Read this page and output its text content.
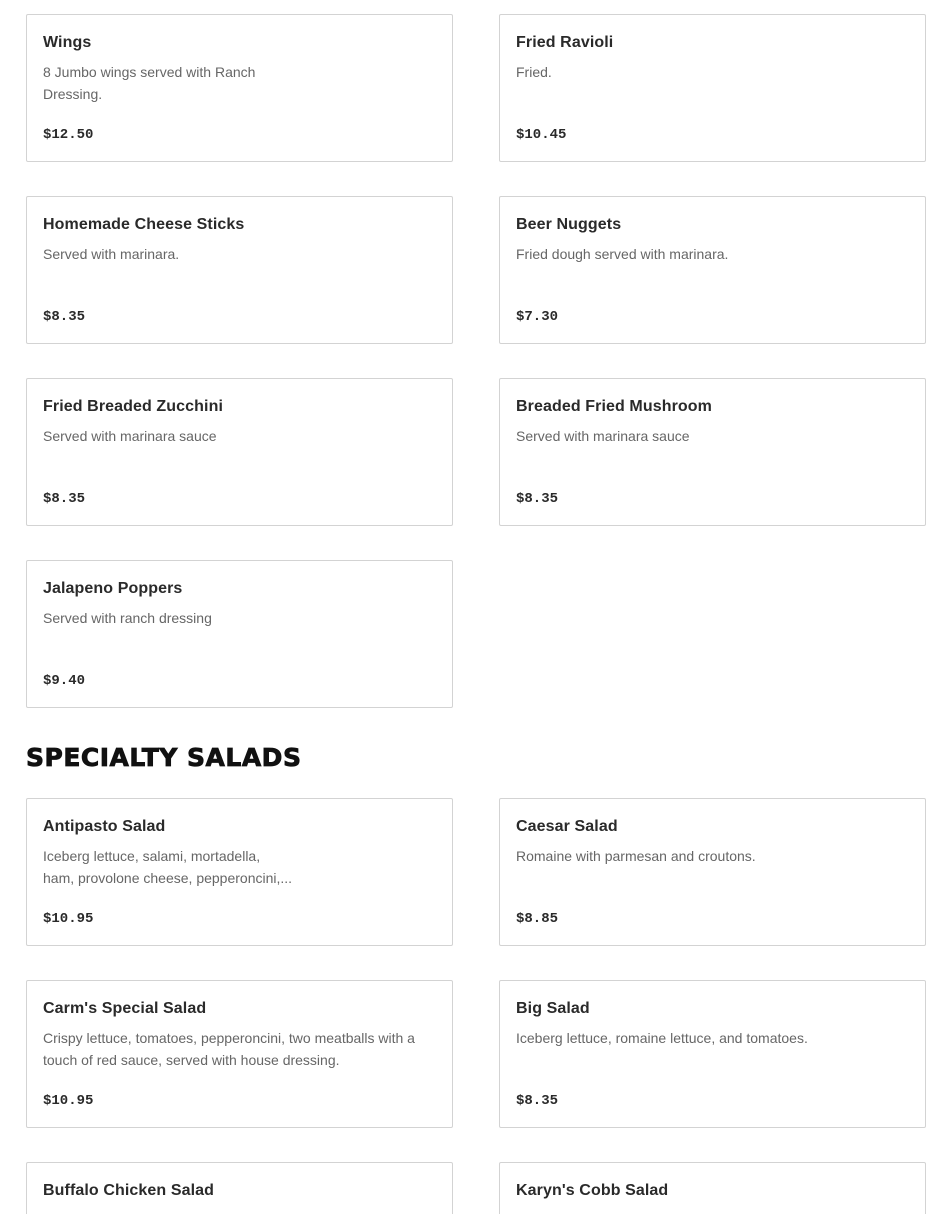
Wings
8 Jumbo wings served with Ranch Dressing.
$12.50
Fried Ravioli
Fried.
$10.45
Homemade Cheese Sticks
Served with marinara.
$8.35
Beer Nuggets
Fried dough served with marinara.
$7.30
Fried Breaded Zucchini
Served with marinara sauce
$8.35
Breaded Fried Mushroom
Served with marinara sauce
$8.35
Jalapeno Poppers
Served with ranch dressing
$9.40
SPECIALTY SALADS
Antipasto Salad
Iceberg lettuce, salami, mortadella, ham, provolone cheese, pepperoncini,...
$10.95
Caesar Salad
Romaine with parmesan and croutons.
$8.85
Carm's Special Salad
Crispy lettuce, tomatoes, pepperoncini, two meatballs with a touch of red sauce, served with house dressing.
$10.95
Big Salad
Iceberg lettuce, romaine lettuce, and tomatoes.
$8.35
Buffalo Chicken Salad	Karyn's Cobb Salad
